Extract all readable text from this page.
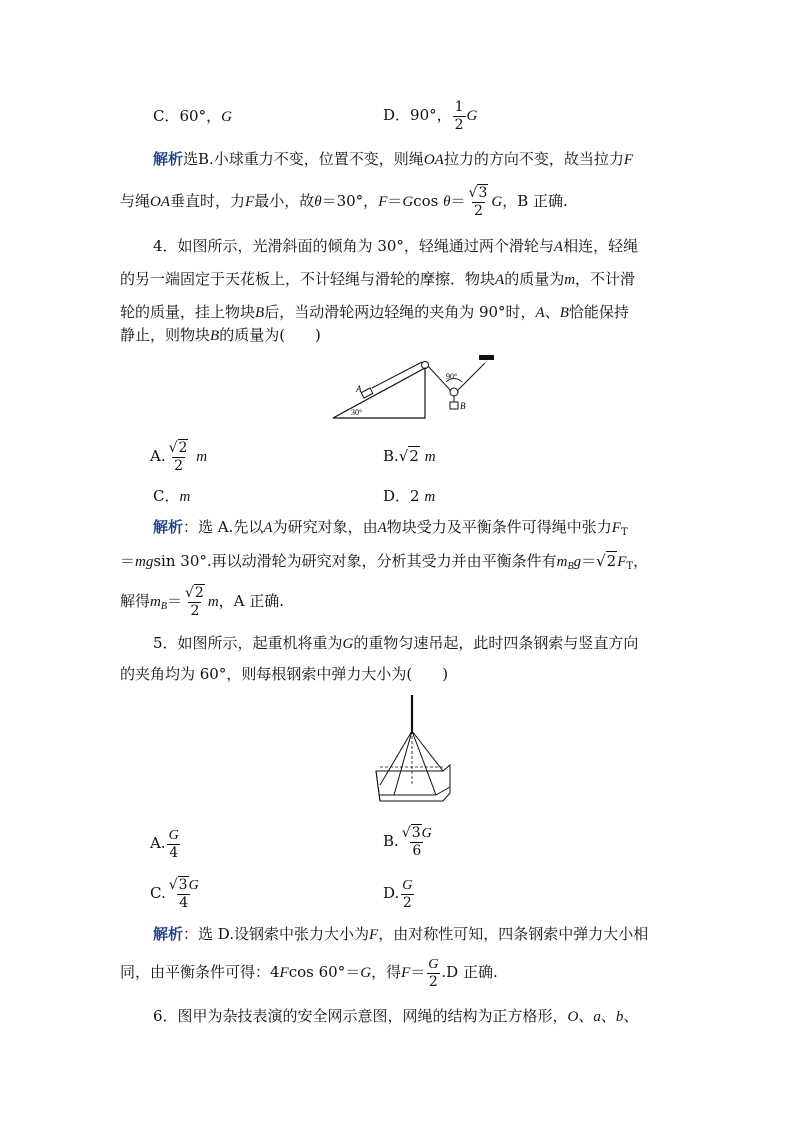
C．60°，G	D．90°， $\frac{1}{2}$ G
解析选B.小球重力不变，位置不变，则绳OA拉力的方向不变，故当拉力F
与绳OA垂直时，力F最小，故θ＝30°，F＝Gcos $\theta= \frac{√3}{2}$ G，B 正确.
4．如图所示，光滑斜面的倾角为 30°，轻绳通过两个滑轮与A相连，轻绳
的另一端固定于天花板上，不计轻绳与滑轮的摩擦．物块A的质量为m，不计滑
轮的质量，挂上物块B后，当动滑轮两边轻绳的夹角为 90°时，A、B恰能保持
静止，则物块B的质量为(　　)
A
30°
90°
B
A. $\frac{√2}{2}$ m	B.√2 m
C．m	D．2 m
解析：选 A.先以A为研究对象，由A物块受力及平衡条件可得绳中张力$F_T$
＝mgsin 30°.再以动滑轮为研究对象，分析其受力并由平衡条件有$m_Bg=√2F_T$，
解得$m_B= \frac{√2}{2}$ m，A 正确.
5．如图所示，起重机将重为G的重物匀速吊起，此时四条钢索与竖直方向
的夹角均为 60°，则每根钢索中弹力大小为(　　)
A. $\frac{G}{4}$	B. $\frac{√3G}{6}$
C. $\frac{√3G}{4}$	D. $\frac{G}{2}$
解析：选 D.设钢索中张力大小为F，由对称性可知，四条钢索中弹力大小相
同，由平衡条件可得：4Fcos 60°＝G，得$F= \frac{G}{2} .D$ 正确.
6．图甲为杂技表演的安全网示意图，网绳的结构为正方格形，O、a、b、
